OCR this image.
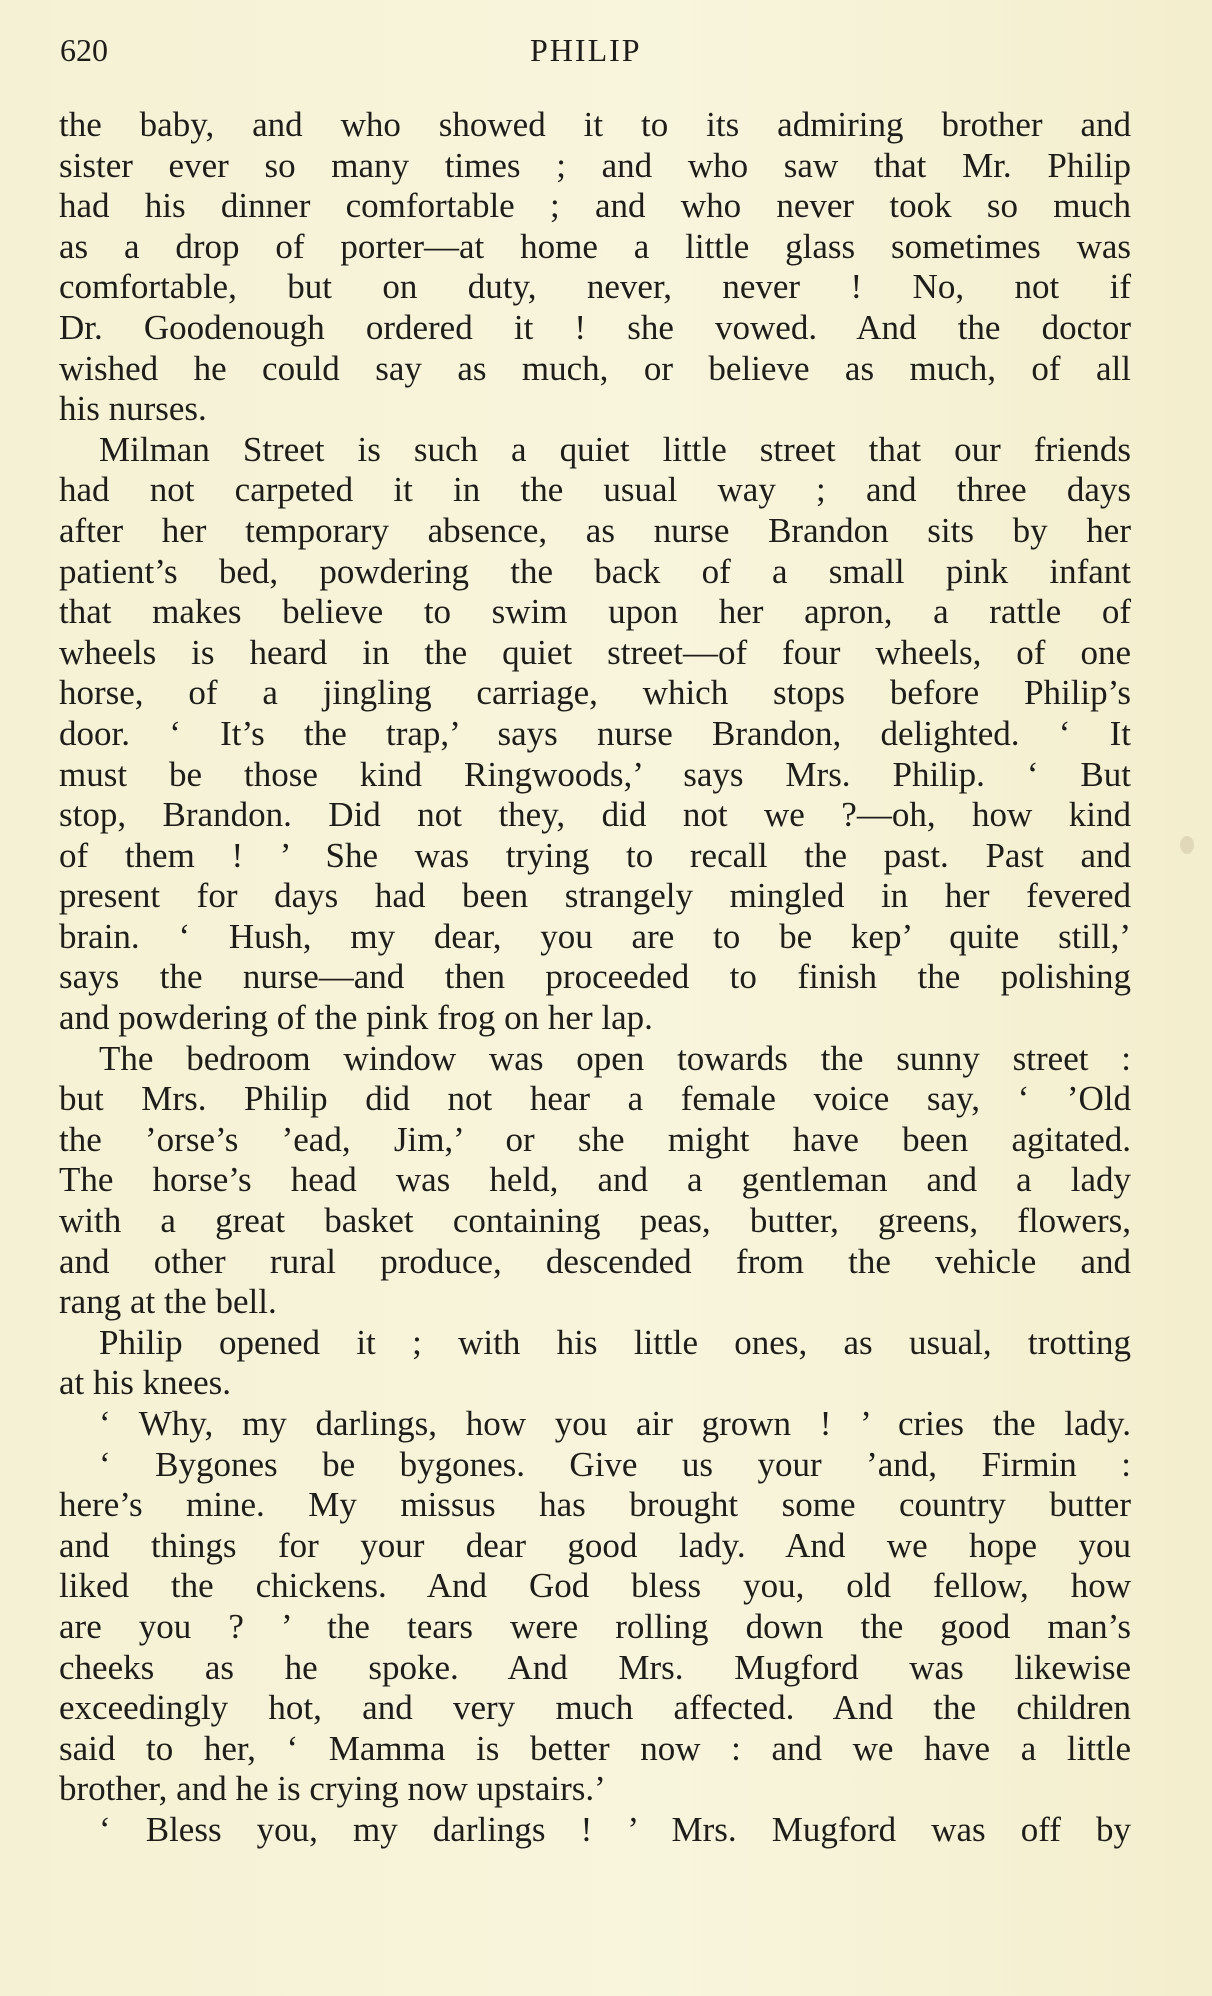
620	PHILIP
the baby, and who showed it to its admiring brother and
sister ever so many times ; and who saw that Mr. Philip
had his dinner comfortable ; and who never took so much
as a drop of porter—at home a little glass sometimes was
comfortable, but on duty, never, never ! No, not if
Dr. Goodenough ordered it ! she vowed. And the doctor
wished he could say as much, or believe as much, of all
his nurses.
Milman Street is such a quiet little street that our friends
had not carpeted it in the usual way ; and three days
after her temporary absence, as nurse Brandon sits by her
patient’s bed, powdering the back of a small pink infant
that makes believe to swim upon her apron, a rattle of
wheels is heard in the quiet street—of four wheels, of one
horse, of a jingling carriage, which stops before Philip’s
door. ‘ It’s the trap,’ says nurse Brandon, delighted. ‘ It
must be those kind Ringwoods,’ says Mrs. Philip. ‘ But
stop, Brandon. Did not they, did not we ?—oh, how kind
of them ! ’ She was trying to recall the past. Past and
present for days had been strangely mingled in her fevered
brain. ‘ Hush, my dear, you are to be kep’ quite still,’
says the nurse—and then proceeded to finish the polishing
and powdering of the pink frog on her lap.
The bedroom window was open towards the sunny street :
but Mrs. Philip did not hear a female voice say, ‘ ’Old
the ’orse’s ’ead, Jim,’ or she might have been agitated.
The horse’s head was held, and a gentleman and a lady
with a great basket containing peas, butter, greens, flowers,
and other rural produce, descended from the vehicle and
rang at the bell.
Philip opened it ; with his little ones, as usual, trotting
at his knees.
‘ Why, my darlings, how you air grown ! ’ cries the lady.
‘ Bygones be bygones. Give us your ’and, Firmin :
here’s mine. My missus has brought some country butter
and things for your dear good lady. And we hope you
liked the chickens. And God bless you, old fellow, how
are you ? ’ the tears were rolling down the good man’s
cheeks as he spoke. And Mrs. Mugford was likewise
exceedingly hot, and very much affected. And the children
said to her, ‘ Mamma is better now : and we have a little
brother, and he is crying now upstairs.’
‘ Bless you, my darlings ! ’ Mrs. Mugford was off by
